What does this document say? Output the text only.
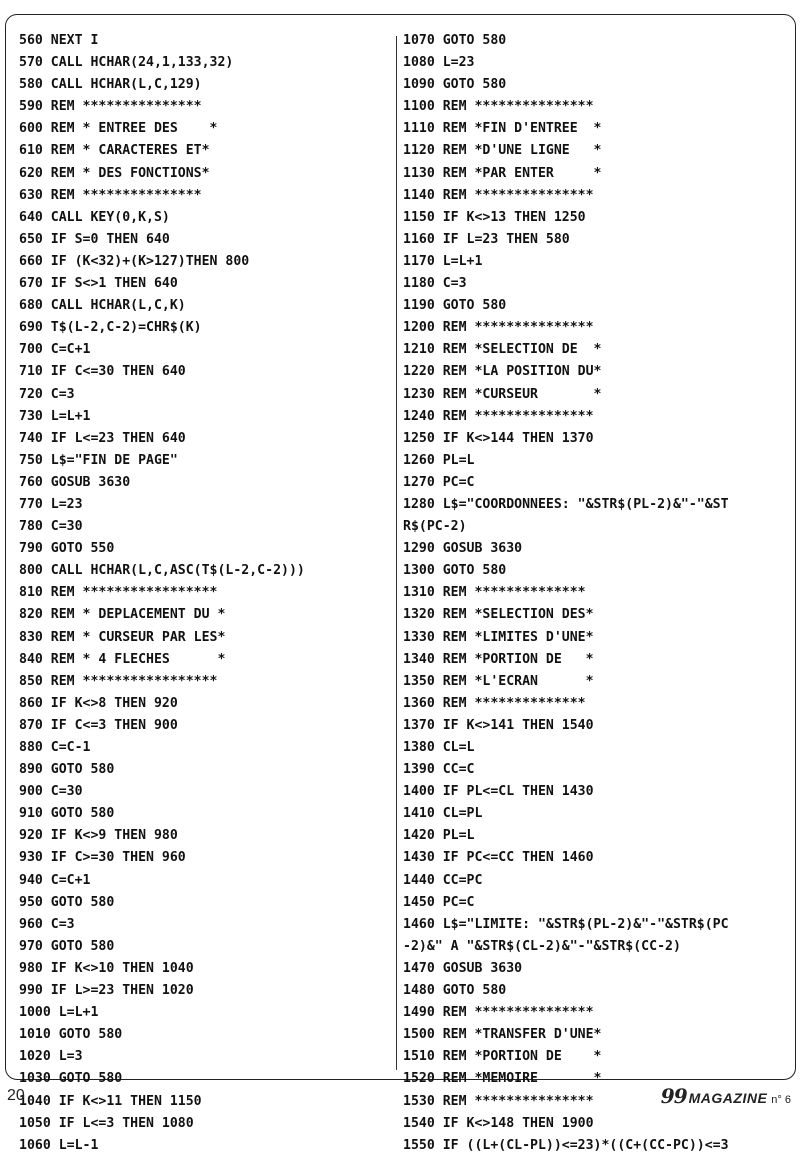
560 NEXT I
570 CALL HCHAR(24,1,133,32)
580 CALL HCHAR(L,C,129)
590 REM ***************
600 REM * ENTREE DES    *
610 REM * CARACTERES ET*
620 REM * DES FONCTIONS*
630 REM ***************
640 CALL KEY(0,K,S)
650 IF S=0 THEN 640
660 IF (K<32)+(K>127)THEN 800
670 IF S<>1 THEN 640
680 CALL HCHAR(L,C,K)
690 T$(L-2,C-2)=CHR$(K)
700 C=C+1
710 IF C<=30 THEN 640
720 C=3
730 L=L+1
740 IF L<=23 THEN 640
750 L$="FIN DE PAGE"
760 GOSUB 3630
770 L=23
780 C=30
790 GOTO 550
800 CALL HCHAR(L,C,ASC(T$(L-2,C-2)))
810 REM *****************
820 REM * DEPLACEMENT DU *
830 REM * CURSEUR PAR LES*
840 REM * 4 FLECHES      *
850 REM *****************
860 IF K<>8 THEN 920
870 IF C<=3 THEN 900
880 C=C-1
890 GOTO 580
900 C=30
910 GOTO 580
920 IF K<>9 THEN 980
930 IF C>=30 THEN 960
940 C=C+1
950 GOTO 580
960 C=3
970 GOTO 580
980 IF K<>10 THEN 1040
990 IF L>=23 THEN 1020
1000 L=L+1
1010 GOTO 580
1020 L=3
1030 GOTO 580
1040 IF K<>11 THEN 1150
1050 IF L<=3 THEN 1080
1060 L=L-1
1070 GOTO 580
1080 L=23
1090 GOTO 580
1100 REM ***************
1110 REM *FIN D'ENTREE  *
1120 REM *D'UNE LIGNE   *
1130 REM *PAR ENTER     *
1140 REM ***************
1150 IF K<>13 THEN 1250
1160 IF L=23 THEN 580
1170 L=L+1
1180 C=3
1190 GOTO 580
1200 REM ***************
1210 REM *SELECTION DE  *
1220 REM *LA POSITION DU*
1230 REM *CURSEUR       *
1240 REM ***************
1250 IF K<>144 THEN 1370
1260 PL=L
1270 PC=C
1280 L$="COORDONNEES: "&STR$(PL-2)&"-"&ST
R$(PC-2)
1290 GOSUB 3630
1300 GOTO 580
1310 REM **************
1320 REM *SELECTION DES*
1330 REM *LIMITES D'UNE*
1340 REM *PORTION DE   *
1350 REM *L'ECRAN      *
1360 REM **************
1370 IF K<>141 THEN 1540
1380 CL=L
1390 CC=C
1400 IF PL<=CL THEN 1430
1410 CL=PL
1420 PL=L
1430 IF PC<=CC THEN 1460
1440 CC=PC
1450 PC=C
1460 L$="LIMITE: "&STR$(PL-2)&"-"&STR$(PC
-2)&" A "&STR$(CL-2)&"-"&STR$(CC-2)
1470 GOSUB 3630
1480 GOTO 580
1490 REM ***************
1500 REM *TRANSFER D'UNE*
1510 REM *PORTION DE    *
1520 REM *MEMOIRE       *
1530 REM ***************
1540 IF K<>148 THEN 1900
1550 IF ((L+(CL-PL))<=23)*((C+(CC-PC))<=3
20	99 MAGAZINE n° 6
